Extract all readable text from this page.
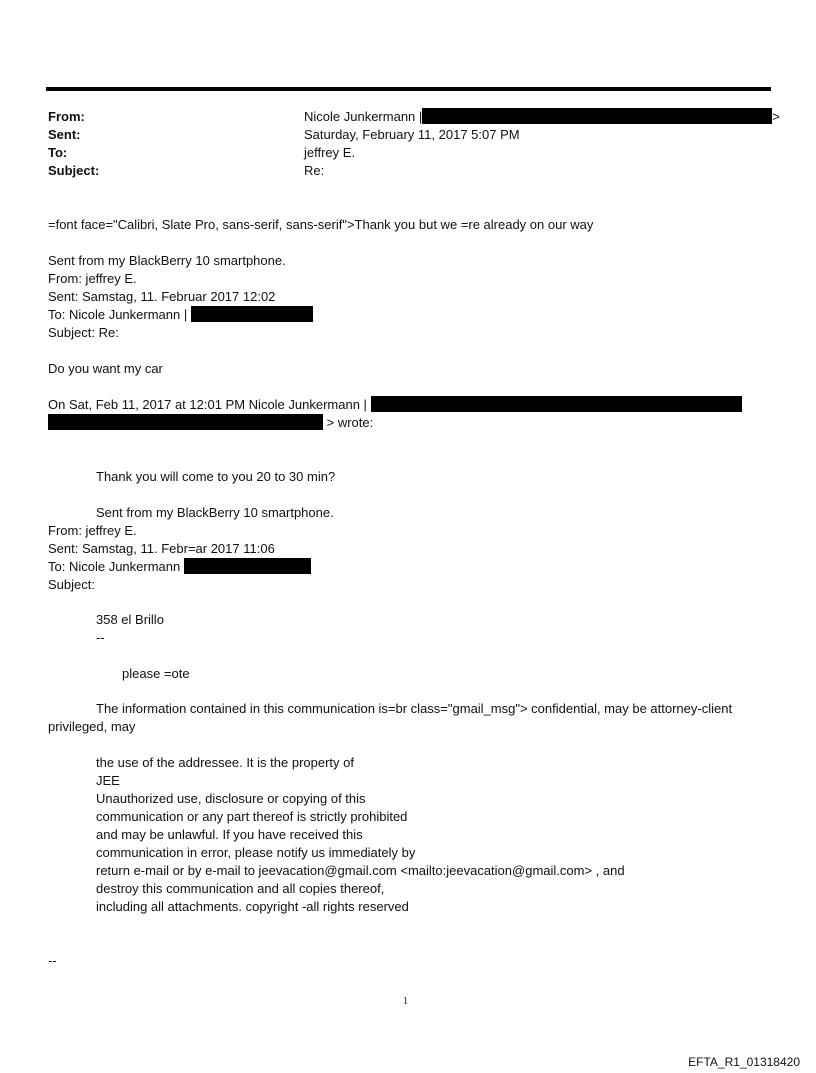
From:	Nicole Junkermann |	>
Sent:	Saturday, February 11, 2017 5:07 PM
To:	jeffrey E.
Subject:	Re:
=font face="Calibri, Slate Pro, sans-serif, sans-serif">Thank you but we =re already on our way
Sent from my BlackBerry 10 smartphone.
From: jeffrey E.
Sent: Samstag, 11. Februar 2017 12:02
To: Nicole Junkermann |
Subject: Re:
Do you want my car
On Sat, Feb 11, 2017 at 12:01 PM Nicole Junkermann |
> wrote:
Thank you will come to you 20 to 30 min?
Sent from my BlackBerry 10 smartphone.
From: jeffrey E.
Sent: Samstag, 11. Febr=ar 2017 11:06
To: Nicole Junkermann
Subject:
358 el Brillo
--
please =ote
The information contained in this communication is=br class="gmail_msg"> confidential, may be attorney-client
privileged, may
the use of the addressee. It is the property of
JEE
Unauthorized use, disclosure or copying of this
communication or any part thereof is strictly prohibited
and may be unlawful. If you have received this
communication in error, please notify us immediately by
return e-mail or by e-mail to jeevacation@gmail.com <mailto:jeevacation@gmail.com> , and
destroy this communication and all copies thereof,
including all attachments. copyright -all rights reserved
--
1
EFTA_R1_01318420
